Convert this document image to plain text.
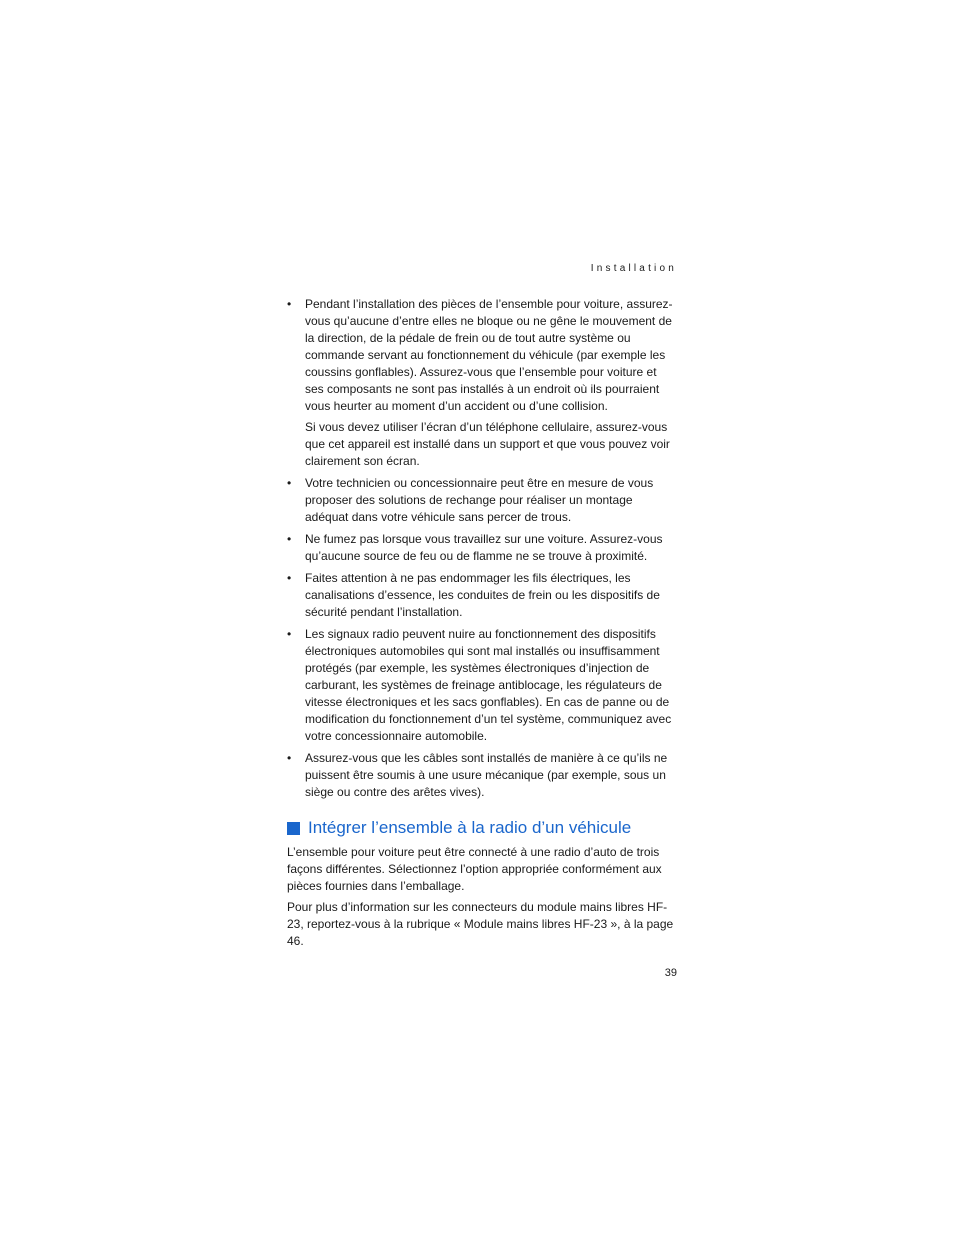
Installation
• Pendant l’installation des pièces de l’ensemble pour voiture, assurez-vous qu’aucune d’entre elles ne bloque ou ne gêne le mouvement de la direction, de la pédale de frein ou de tout autre système ou commande servant au fonctionnement du véhicule (par exemple les coussins gonflables). Assurez-vous que l’ensemble pour voiture et ses composants ne sont pas installés à un endroit où ils pourraient vous heurter au moment d’un accident ou d’une collision.

Si vous devez utiliser l’écran d’un téléphone cellulaire, assurez-vous que cet appareil est installé dans un support et que vous pouvez voir clairement son écran.

• Votre technicien ou concessionnaire peut être en mesure de vous proposer des solutions de rechange pour réaliser un montage adéquat dans votre véhicule sans percer de trous.

• Ne fumez pas lorsque vous travaillez sur une voiture. Assurez-vous qu’aucune source de feu ou de flamme ne se trouve à proximité.

• Faites attention à ne pas endommager les fils électriques, les canalisations d’essence, les conduites de frein ou les dispositifs de sécurité pendant l’installation.

• Les signaux radio peuvent nuire au fonctionnement des dispositifs électroniques automobiles qui sont mal installés ou insuffisamment protégés (par exemple, les systèmes électroniques d’injection de carburant, les systèmes de freinage antiblocage, les régulateurs de vitesse électroniques et les sacs gonflables). En cas de panne ou de modification du fonctionnement d’un tel système, communiquez avec votre concessionnaire automobile.

• Assurez-vous que les câbles sont installés de manière à ce qu’ils ne puissent être soumis à une usure mécanique (par exemple, sous un siège ou contre des arêtes vives).

Intégrer l’ensemble à la radio d’un véhicule

L’ensemble pour voiture peut être connecté à une radio d’auto de trois façons différentes. Sélectionnez l’option appropriée conformément aux pièces fournies dans l’emballage.

Pour plus d’information sur les connecteurs du module mains libres HF-23, reportez-vous à la rubrique « Module mains libres HF-23 », à la page 46.

39
